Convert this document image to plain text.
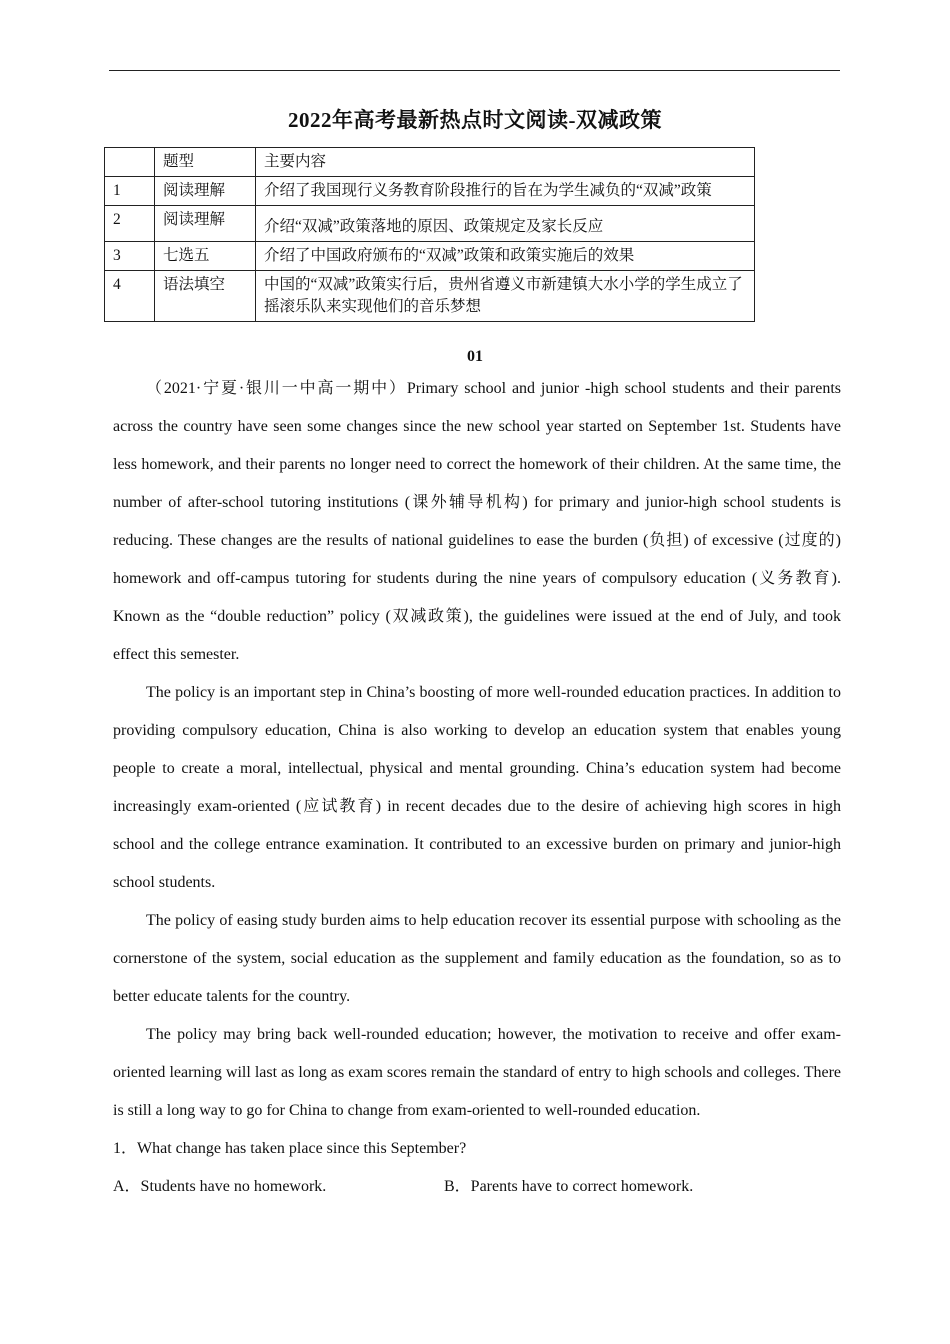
2022年高考最新热点时文阅读-双减政策
	题型	主要内容
1	阅读理解	介绍了我国现行义务教育阶段推行的旨在为学生减负的“双减”政策
2	阅读理解	介绍“双减”政策落地的原因、政策规定及家长反应
3	七选五	介绍了中国政府颁布的“双减”政策和政策实施后的效果
4	语法填空	中国的“双减”政策实行后，贵州省遵义市新建镇大水小学的学生成立了摇滚乐队来实现他们的音乐梦想
01

（2021·宁夏·银川一中高一期中）Primary school and junior -high school students and their parents across the country have seen some changes since the new school year started on September 1st. Students have less homework, and their parents no longer need to correct the homework of their children. At the same time, the number of after-school tutoring institutions (课外辅导机构) for primary and junior-high school students is reducing. These changes are the results of national guidelines to ease the burden (负担) of excessive (过度的) homework and off-campus tutoring for students during the nine years of compulsory education (义务教育). Known as the “double reduction” policy (双减政策), the guidelines were issued at the end of July, and took effect this semester.

The policy is an important step in China’s boosting of more well-rounded education practices. In addition to providing compulsory education, China is also working to develop an education system that enables young people to create a moral, intellectual, physical and mental grounding. China’s education system had become increasingly exam-oriented (应试教育) in recent decades due to the desire of achieving high scores in high school and the college entrance examination. It contributed to an excessive burden on primary and junior-high school students.

The policy of easing study burden aims to help education recover its essential purpose with schooling as the cornerstone of the system, social education as the supplement and family education as the foundation, so as to better educate talents for the country.

The policy may bring back well-rounded education; however, the motivation to receive and offer exam-oriented learning will last as long as exam scores remain the standard of entry to high schools and colleges. There is still a long way to go for China to change from exam-oriented to well-rounded education.

1．What change has taken place since this September?

A．Students have no homework.	B．Parents have to correct homework.
